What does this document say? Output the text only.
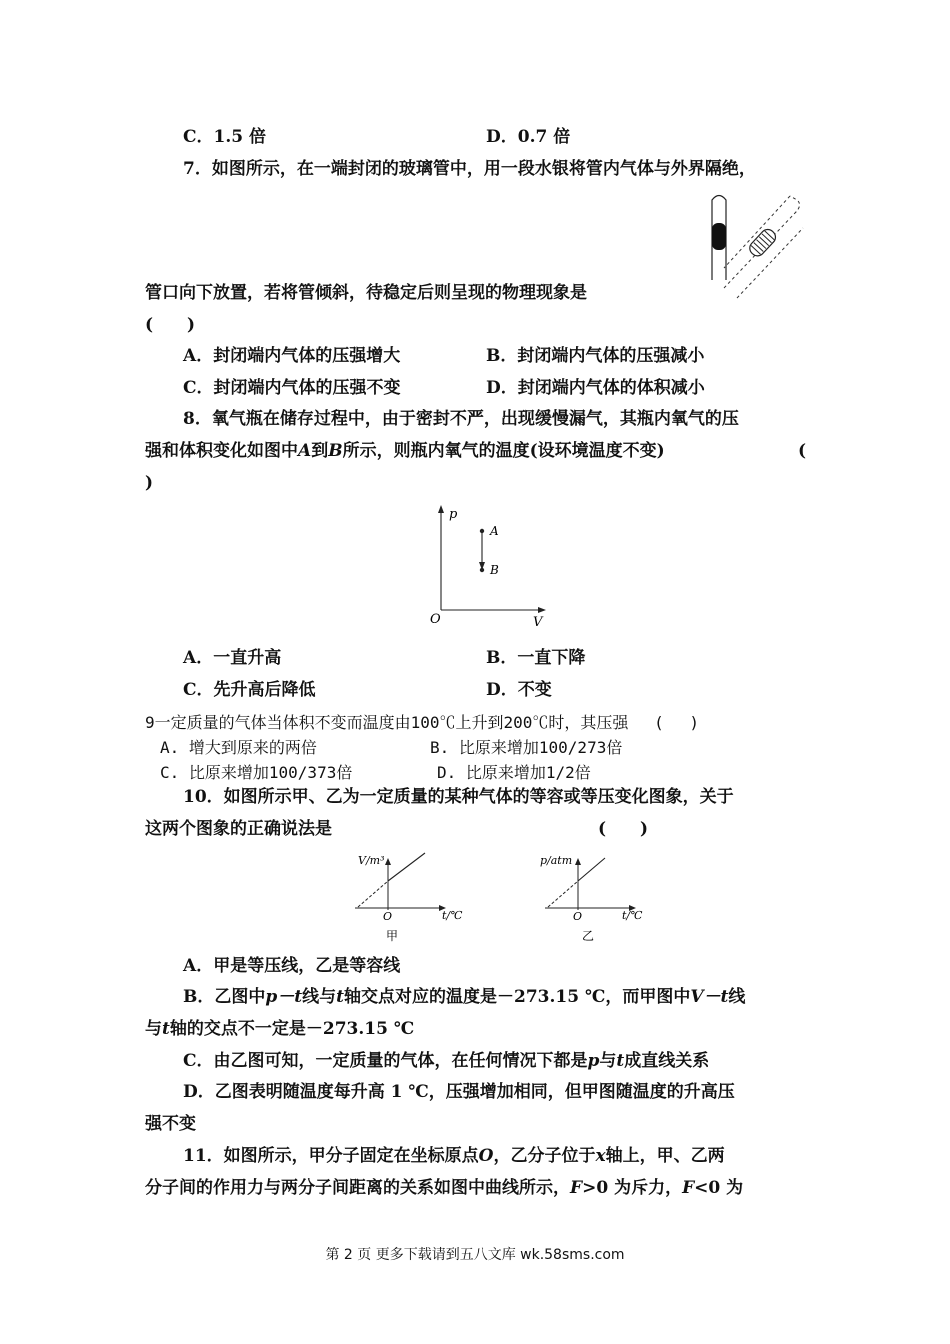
C．1.5 倍	D．0.7 倍
7．如图所示，在一端封闭的玻璃管中，用一段水银将管内气体与外界隔绝，
管口向下放置，若将管倾斜，待稳定后则呈现的物理现象是
(　　)
A．封闭端内气体的压强增大	B．封闭端内气体的压强减小
C．封闭端内气体的压强不变	D．封闭端内气体的体积减小
8．氧气瓶在储存过程中，由于密封不严，出现缓慢漏气，其瓶内氧气的压
强和体积变化如图中A到B所示，则瓶内氧气的温度(设环境温度不变)	(
)
p
V
O
A
B
A．一直升高	B．一直下降
C．先升高后降低	D．不变
9一定质量的气体当体积不变而温度由100℃上升到200℃时，其压强　 (　 )
A. 增大到原来的两倍	B. 比原来增加100/273倍
C. 比原来增加100/373倍	D. 比原来增加1/2倍
10．如图所示甲、乙为一定质量的某种气体的等容或等压变化图象，关于
这两个图象的正确说法是	(　　)
V/m³
t/℃
O
甲
p/atm
t/℃
O
乙
A．甲是等压线，乙是等容线
B．乙图中p－t线与t轴交点对应的温度是－273.15 ℃，而甲图中V－t线
与t轴的交点不一定是－273.15 ℃
C．由乙图可知，一定质量的气体，在任何情况下都是p与t成直线关系
D．乙图表明随温度每升高 1 ℃，压强增加相同，但甲图随温度的升高压
强不变
11．如图所示，甲分子固定在坐标原点O，乙分子位于x轴上，甲、乙两
分子间的作用力与两分子间距离的关系如图中曲线所示，F>0 为斥力，F<0 为
第 2 页 更多下载请到五八文库 wk.58sms.com
